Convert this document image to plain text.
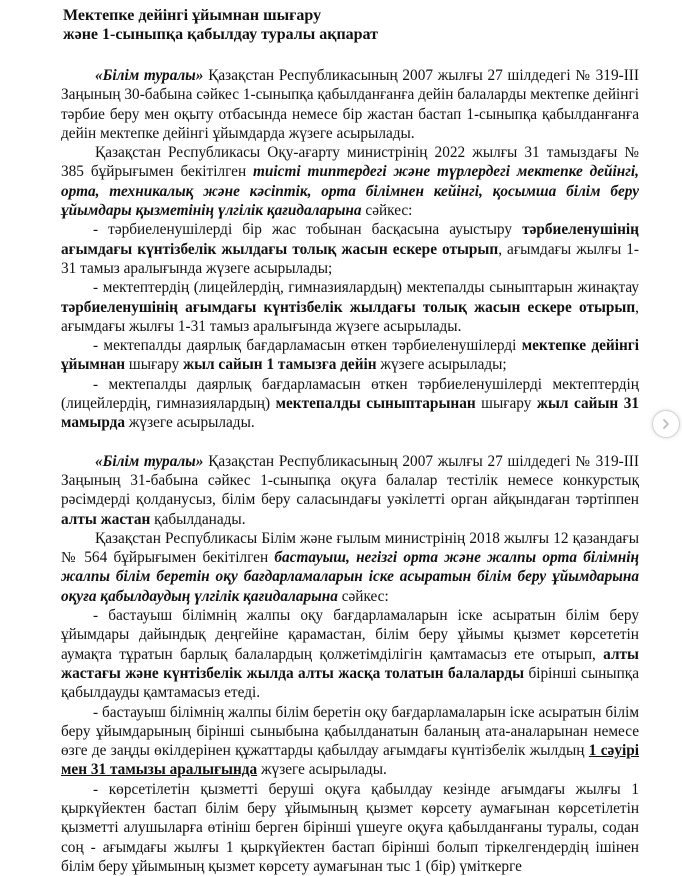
Мектепке дейінгі ұйымнан шығару
және 1-сыныпқа қабылдау туралы ақпарат

«Білім туралы» Қазақстан Республикасының 2007 жылғы 27 шілдедегі № 319-ІІІ Заңының 30-бабына сәйкес 1-сыныпқа қабылданғанға дейін балаларды мектепке дейінгі тәрбие беру мен оқыту отбасында немесе бір жастан бастап 1-сыныпқа қабылданғанға дейін мектепке дейінгі ұйымдарда жүзеге асырылады.

Қазақстан Республикасы Оқу-ағарту министрінің 2022 жылғы 31 тамыздағы № 385 бұйрығымен бекітілген тиісті типтердегі және түрлердегі мектепке дейінгі, орта, техникалық және кәсіптік, орта білімнен кейінгі, қосымша білім беру ұйымдары қызметінің үлгілік қағидаларына сәйкес:

- тәрбиеленушілерді бір жас тобынан басқасына ауыстыру тәрбиеленушінің ағымдағы күнтізбелік жылдағы толық жасын ескере отырып, ағымдағы жылғы 1-31 тамыз аралығында жүзеге асырылады;

- мектептердің (лицейлердің, гимназиялардың) мектепалды сыныптарын жинақтау тәрбиеленушінің ағымдағы күнтізбелік жылдағы толық жасын ескере отырып, ағымдағы жылғы 1-31 тамыз аралығында жүзеге асырылады.

- мектепалды даярлық бағдарламасын өткен тәрбиеленушілерді мектепке дейінгі ұйымнан шығару жыл сайын 1 тамызға дейін жүзеге асырылады;

- мектепалды даярлық бағдарламасын өткен тәрбиеленушілерді мектептердің (лицейлердің, гимназиялардың) мектепалды сыныптарынан шығару жыл сайын 31 мамырда жүзеге асырылады.

«Білім туралы» Қазақстан Республикасының 2007 жылғы 27 шілдедегі № 319-ІІІ Заңының 31-бабына сәйкес 1-сыныпқа оқуға балалар тестілік немесе конкурстық рәсімдерді қолданусыз, білім беру саласындағы уәкілетті орган айқындаған тәртіппен алты жастан қабылданады.

Қазақстан Республикасы Білім және ғылым министрінің 2018 жылғы 12 қазандағы № 564 бұйрығымен бекітілген бастауыш, негізгі орта және жалпы орта білімнің жалпы білім беретін оқу бағдарламаларын іске асыратын білім беру ұйымдарына оқуға қабылдаудың үлгілік қағидаларына сәйкес:

- бастауыш білімнің жалпы оқу бағдарламаларын іске асыратын білім беру ұйымдары дайындық деңгейіне қарамастан, білім беру ұйымы қызмет көрсететін аумақта тұратын барлық балалардың қолжетімділігін қамтамасыз ете отырып, алты жастағы және күнтізбелік жылда алты жасқа толатын балаларды бірінші сыныпқа қабылдауды қамтамасыз етеді.

- бастауыш білімнің жалпы білім беретін оқу бағдарламаларын іске асыратын білім беру ұйымдарының бірінші сыныбына қабылданатын баланың ата-аналарынан немесе өзге де заңды өкілдерінен құжаттарды қабылдау ағымдағы күнтізбелік жылдың 1 сәуірі мен 31 тамызы аралығында жүзеге асырылады.

- көрсетілетін қызметті беруші оқуға қабылдау кезінде ағымдағы жылғы 1 қыркүйектен бастап білім беру ұйымының қызмет көрсету аумағынан көрсетілетін қызметті алушыларға өтініш берген бірінші үшеуге оқуға қабылданғаны туралы, содан соң - ағымдағы жылғы 1 қыркүйектен бастап бірінші болып тіркелгендердің ішінен білім беру ұйымының қызмет көрсету аумағынан тыс 1 (бір) үміткерге
